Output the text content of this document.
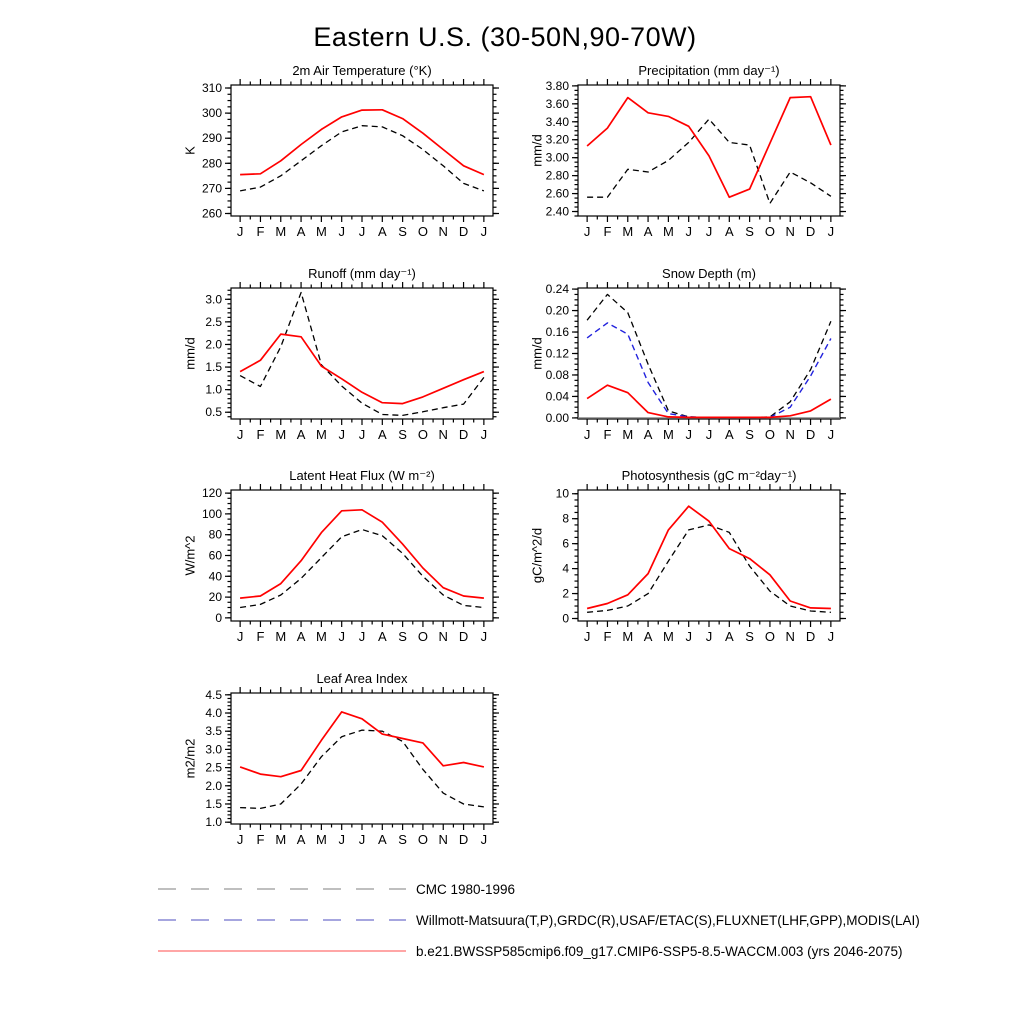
Eastern U.S. (30-50N,90-70W)
2m Air Temperature (°K)
K
260
270
280
290
300
310
J F M A M J J A S O N D J
Precipitation (mm day⁻¹)
mm/d
2.40
2.60
2.80
3.00
3.20
3.40
3.60
3.80
J F M A M J J A S O N D J
Runoff (mm day⁻¹)
mm/d
0.5
1.0
1.5
2.0
2.5
3.0
J F M A M J J A S O N D J
Snow Depth (m)
mm/d
0.00
0.04
0.08
0.12
0.16
0.20
0.24
J F M A M J J A S O N D J
Latent Heat Flux (W m⁻²)
W/m^2
0
20
40
60
80
100
120
J F M A M J J A S O N D J
Photosynthesis (gC m⁻²day⁻¹)
gC/m^2/d
0
2
4
6
8
10
J F M A M J J A S O N D J
Leaf Area Index
m2/m2
1.0
1.5
2.0
2.5
3.0
3.5
4.0
4.5
J F M A M J J A S O N D J
CMC 1980-1996
Willmott-Matsuura(T,P),GRDC(R),USAF/ETAC(S),FLUXNET(LHF,GPP),MODIS(LAI)
b.e21.BWSSP585cmip6.f09_g17.CMIP6-SSP5-8.5-WACCM.003 (yrs 2046-2075)
